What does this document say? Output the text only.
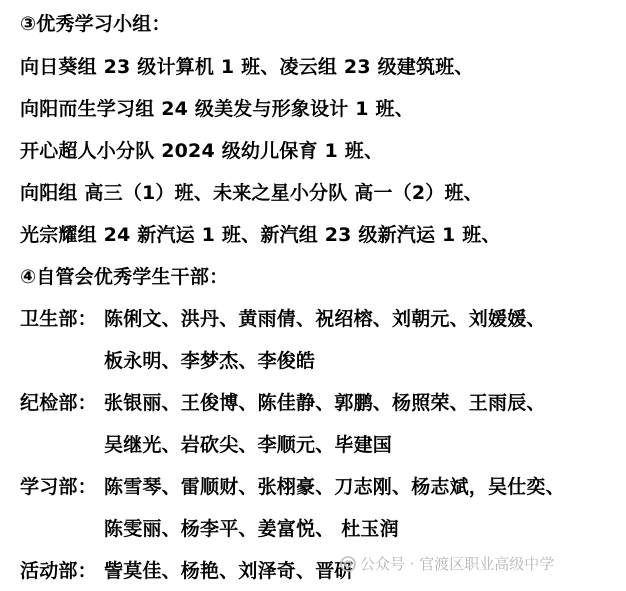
③优秀学习小组：
向日葵组 23 级计算机 1 班、凌云组 23 级建筑班、
向阳而生学习组 24 级美发与形象设计 1 班、
开心超人小分队 2024 级幼儿保育 1 班、
向阳组 高三（1）班、未来之星小分队 高一（2）班、
光宗耀组 24 新汽运 1 班、新汽组 23 级新汽运 1 班、
④自管会优秀学生干部：
卫生部： 陈俐文、洪丹、黄雨倩、祝绍榕、刘朝元、刘媛媛、
板永明、李梦杰、李俊皓
纪检部： 张银丽、王俊博、陈佳静、郭鹏、杨照荣、王雨辰、
吴继光、岩砍尖、李顺元、毕建国
学习部： 陈雪琴、雷顺财、张栩豪、刀志刚、杨志斌，吴仕奕、
陈雯丽、杨李平、姜富悦、 杜玉润
活动部： 訾莫佳、杨艳、刘泽奇、晋研 公众号 · 官渡区职业高级中学
